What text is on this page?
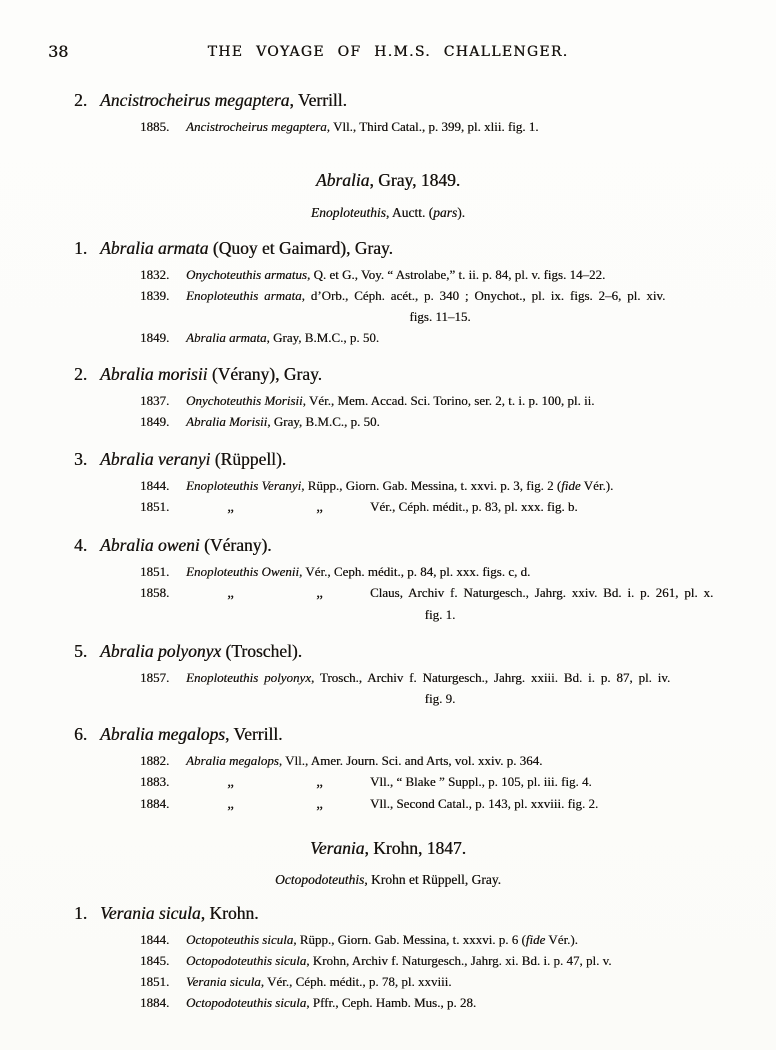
38	THE VOYAGE OF H.M.S. CHALLENGER.
2. Ancistrocheirus megaptera, Verrill.
1885. Ancistrocheirus megaptera, Vll., Third Catal., p. 399, pl. xlii. fig. 1.
Abralia, Gray, 1849.
Enoploteuthis, Auctt. (pars).
1. Abralia armata (Quoy et Gaimard), Gray.
1832. Onychoteuthis armatus, Q. et G., Voy. “ Astrolabe,” t. ii. p. 84, pl. v. figs. 14–22.
1839. Enoploteuthis armata, d’Orb., Céph. acét., p. 340 ; Onychot., pl. ix. figs. 2–6, pl. xiv.
figs. 11–15.
1849. Abralia armata, Gray, B.M.C., p. 50.
2. Abralia morisii (Vérany), Gray.
1837. Onychoteuthis Morisii, Vér., Mem. Accad. Sci. Torino, ser. 2, t. i. p. 100, pl. ii.
1849. Abralia Morisii, Gray, B.M.C., p. 50.
3. Abralia veranyi (Rüppell).
1844. Enoploteuthis Veranyi, Rüpp., Giorn. Gab. Messina, t. xxvi. p. 3, fig. 2 (fide Vér.).
1851.	„	„	Vér., Céph. médit., p. 83, pl. xxx. fig. b.
4. Abralia oweni (Vérany).
1851. Enoploteuthis Owenii, Vér., Ceph. médit., p. 84, pl. xxx. figs. c, d.
1858.	„	„	Claus, Archiv f. Naturgesch., Jahrg. xxiv. Bd. i. p. 261, pl. x.
fig. 1.
5. Abralia polyonyx (Troschel).
1857. Enoploteuthis polyonyx, Trosch., Archiv f. Naturgesch., Jahrg. xxiii. Bd. i. p. 87, pl. iv.
fig. 9.
6. Abralia megalops, Verrill.
1882. Abralia megalops, Vll., Amer. Journ. Sci. and Arts, vol. xxiv. p. 364.
1883.	„	„	Vll., “ Blake ” Suppl., p. 105, pl. iii. fig. 4.
1884.	„	„	Vll., Second Catal., p. 143, pl. xxviii. fig. 2.
Verania, Krohn, 1847.
Octopodoteuthis, Krohn et Rüppell, Gray.
1. Verania sicula, Krohn.
1844. Octopoteuthis sicula, Rüpp., Giorn. Gab. Messina, t. xxxvi. p. 6 (fide Vér.).
1845. Octopodoteuthis sicula, Krohn, Archiv f. Naturgesch., Jahrg. xi. Bd. i. p. 47, pl. v.
1851. Verania sicula, Vér., Céph. médit., p. 78, pl. xxviii.
1884. Octopodoteuthis sicula, Pffr., Ceph. Hamb. Mus., p. 28.
